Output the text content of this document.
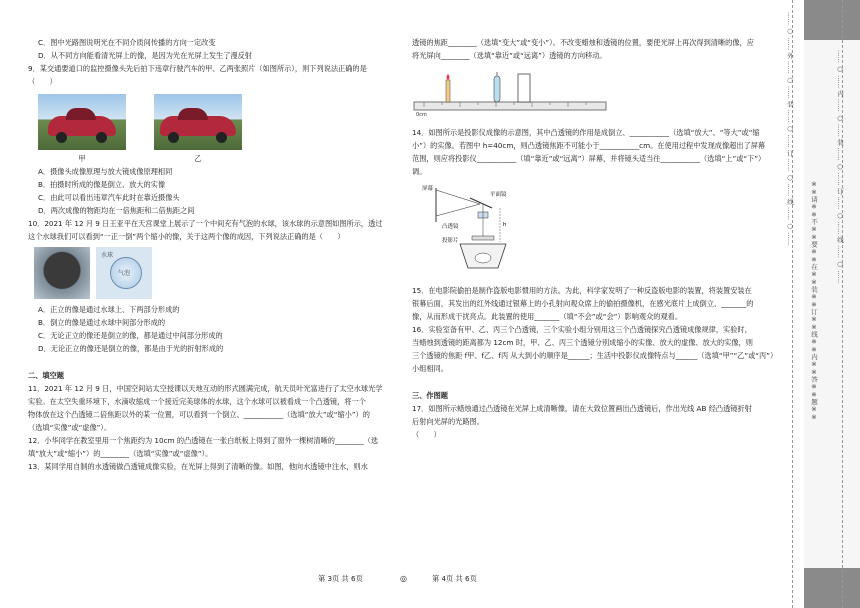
C．图中光路图说明光在不同介质间传播的方向一定改变
D．从不同方向能看清光屏上的像，是因为光在光屏上发生了漫反射
9．某交通要道口的监控摄像头先后拍下违章行驶汽车的甲、乙两张照片（如图所示），则下列说法正确的是
（　　）
甲	乙
A．摄像头成像原理与放大镜成像原理相同
B．拍摄时所成的像是倒立、放大的实像
C．由此可以看出违章汽车此时在靠近摄像头
D．两次成像的物距均在一倍焦距和二倍焦距之间
10．2021 年 12 月 9 日王亚平在天宫课堂上展示了一个中间充有气泡的水球，该水球的示意图如图所示，透过
这个水球我们可以看到“一正一倒”两个缩小的像，关于这两个像的成因，下列说法正确的是（　　）
水球
气泡
A．正立的像是通过水球上、下两部分形成的
B．倒立的像是通过水球中间部分形成的
C．无论正立的像还是倒立的像，都是通过中间部分形成的
D．无论正立的像还是倒立的像，都是由于光的折射形成的
二、填空题
11．2021 年 12 月 9 日，中国空间站太空授课以天地互动的形式圆满完成，航天员叶光富进行了太空水球光学
实验。在太空失重环境下，水滴收缩成一个接近完美球体的水球，这个水球可以被看成一个凸透镜，将一个
物体放在这个凸透镜二倍焦距以外的某一位置，可以看到一个倒立、___________（选填“放大”或“缩小”）的
（选填“实像”或“虚像”）。
12．小华同学在教室里用一个焦距约为 10cm 的凸透镜在一张白纸板上得到了窗外一棵树清晰的________（选
填“放大”或“缩小”）的________（选填“实像”或“虚像”）。
13．某同学用自制的水透镜做凸透镜成像实验，在光屏上得到了清晰的像。如图，他向水透镜中注水，则水
透镜的焦距________（选填“变大”或“变小”）。不改变蜡烛和透镜的位置，要使光屏上再次得到清晰的像，应
将光屏向________（选填“靠近”或“远离”）透镜的方向移动。
0cm
14．如图所示是投影仪成像的示意图，其中凸透镜的作用是成倒立、___________（选填“放大”、“等大”或“缩
小”）的实像。若图中 h=40cm，则凸透镜焦距不可能小于___________cm。在使用过程中发现成像超出了屏幕
范围，则应将投影仪___________（填“靠近”或“远离”）屏幕，并将镜头适当往___________（选填“上”或“下”）
调。
屏幕
平面镜
凸透镜
投影片
h
15．在电影院偷拍是制作盗版电影惯用的方法。为此，科学家发明了一种反盗版电影的装置，将装置安装在
银幕后面，其发出的红外线通过银幕上的小孔射向观众席上的偷拍摄像机，在感光底片上成倒立、_______的
像，从而形成干扰亮点。此装置的使用_______（填“不会”或“会”）影响观众的观看。
16．实验室备有甲、乙、丙三个凸透镜，三个实验小组分别用这三个凸透镜探究凸透镜成像规律，实验时，
当蜡烛到透镜的距离都为 12cm 时，甲、乙、丙三个透镜分别成缩小的实像、放大的虚像、放大的实像，则
三个透镜的焦距 f甲、f乙、f丙 从大到小的顺序是______；生活中投影仪成像特点与______（选填“甲”“乙”或“丙”）
小组相同。
三、作图题
17．如图所示蜡烛通过凸透镜在光屏上成清晰像，请在大致位置画出凸透镜后，作出光线 AB 经凸透镜折射
后射向光屏的光路图。
（　　）
第 3页 共 6页	◎	第 4页 共 6页
…… ○ …… 外 …… ○ …… 装 …… ○ …… 订 …… ○ …… 线 …… ○ ……
※※请※※不※※要※※在※※装※※订※※线※※内※※答※※题※※
…… ○ …… 内 …… ○ …… 装 …… ○ …… 订 …… ○ …… 线 …… ○ ……
